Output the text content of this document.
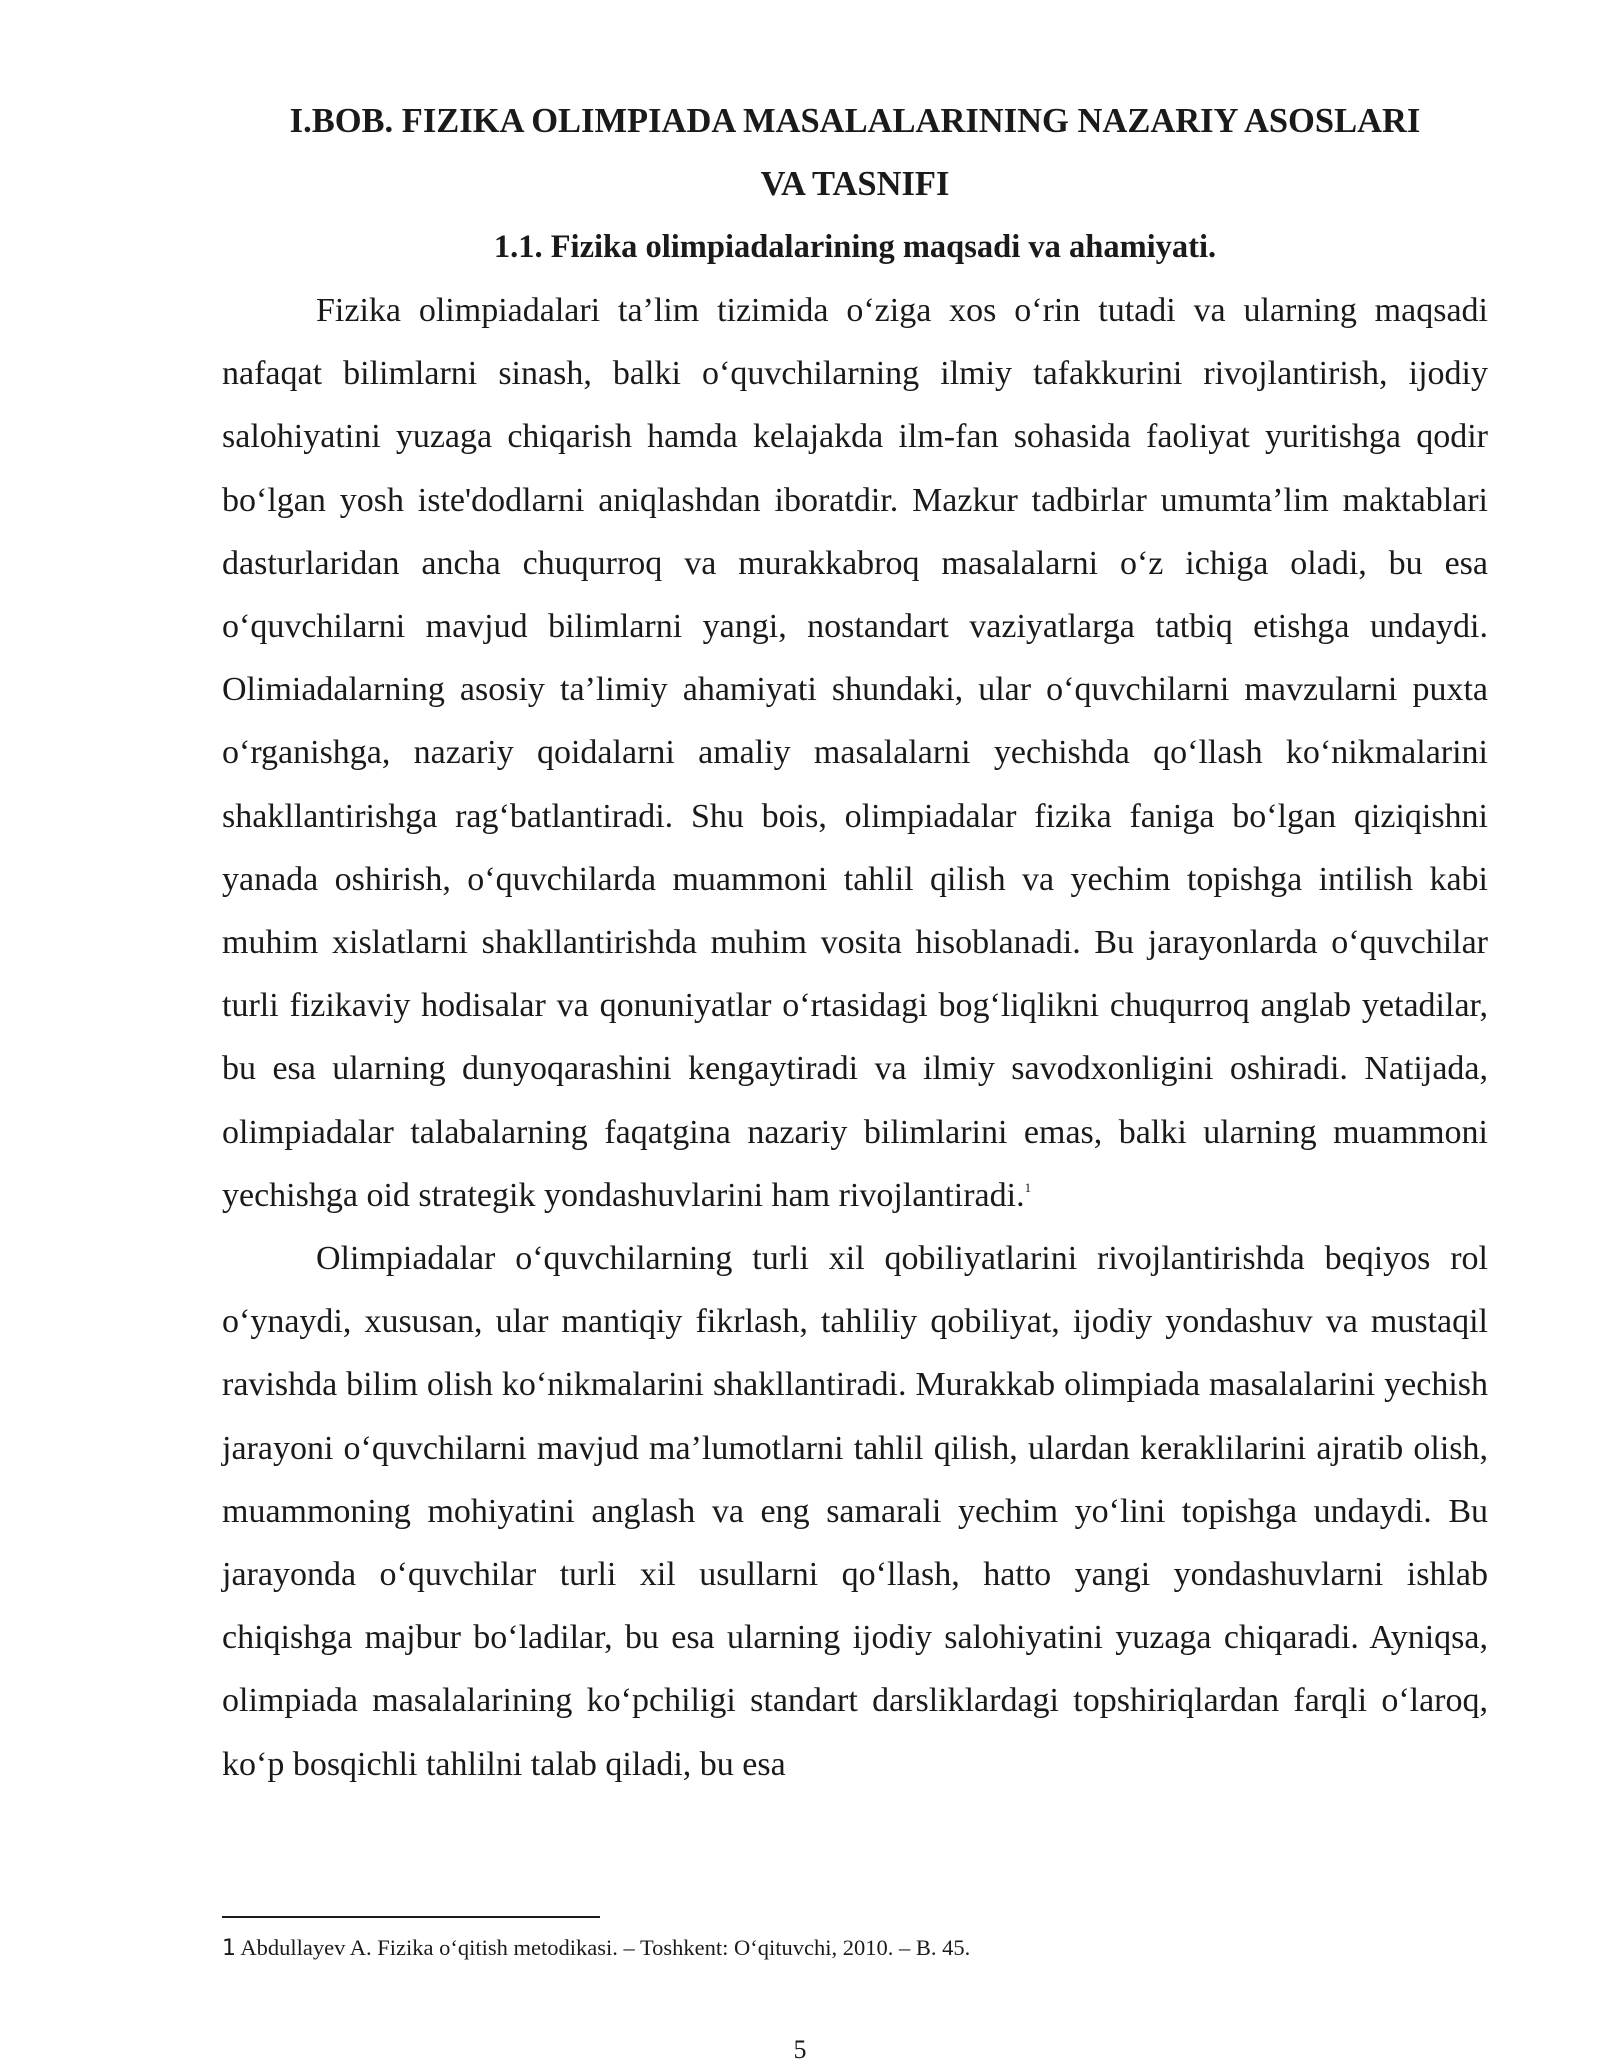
I.BOB. FIZIKA OLIMPIADA MASALALARINING NAZARIY ASOSLARI
VA TASNIFI
1.1. Fizika olimpiadalarining maqsadi va ahamiyati.

Fizika olimpiadalari ta’lim tizimida o‘ziga xos o‘rin tutadi va ularning maqsadi nafaqat bilimlarni sinash, balki o‘quvchilarning ilmiy tafakkurini rivojlantirish, ijodiy salohiyatini yuzaga chiqarish hamda kelajakda ilm-fan sohasida faoliyat yuritishga qodir bo‘lgan yosh iste'dodlarni aniqlashdan iboratdir. Mazkur tadbirlar umumta’lim maktablari dasturlaridan ancha chuqurroq va murakkabroq masalalarni o‘z ichiga oladi, bu esa o‘quvchilarni mavjud bilimlarni yangi, nostandart vaziyatlarga tatbiq etishga undaydi. Olimiadalarning asosiy ta’limiy ahamiyati shundaki, ular o‘quvchilarni mavzularni puxta o‘rganishga, nazariy qoidalarni amaliy masalalarni yechishda qo‘llash ko‘nikmalarini shakllantirishga rag‘batlantiradi. Shu bois, olimpiadalar fizika faniga bo‘lgan qiziqishni yanada oshirish, o‘quvchilarda muammoni tahlil qilish va yechim topishga intilish kabi muhim xislatlarni shakllantirishda muhim vosita hisoblanadi. Bu jarayonlarda o‘quvchilar turli fizikaviy hodisalar va qonuniyatlar o‘rtasidagi bog‘liqlikni chuqurroq anglab yetadilar, bu esa ularning dunyoqarashini kengaytiradi va ilmiy savodxonligini oshiradi. Natijada, olimpiadalar talabalarning faqatgina nazariy bilimlarini emas, balki ularning muammoni yechishga oid strategik yondashuvlarini ham rivojlantiradi.$^1$

Olimpiadalar o‘quvchilarning turli xil qobiliyatlarini rivojlantirishda beqiyos rol o‘ynaydi, xususan, ular mantiqiy fikrlash, tahliliy qobiliyat, ijodiy yondashuv va mustaqil ravishda bilim olish ko‘nikmalarini shakllantiradi. Murakkab olimpiada masalalarini yechish jarayoni o‘quvchilarni mavjud ma’lumotlarni tahlil qilish, ulardan keraklilarini ajratib olish, muammoning mohiyatini anglash va eng samarali yechim yo‘lini topishga undaydi. Bu jarayonda o‘quvchilar turli xil usullarni qo‘llash, hatto yangi yondashuvlarni ishlab chiqishga majbur bo‘ladilar, bu esa ularning ijodiy salohiyatini yuzaga chiqaradi. Ayniqsa, olimpiada masalalarining ko‘pchiligi standart darsliklardagi topshiriqlardan farqli o‘laroq, ko‘p bosqichli tahlilni talab qiladi, bu esa

1 Abdullayev A. Fizika o‘qitish metodikasi. – Toshkent: O‘qituvchi, 2010. – B. 45.
5
